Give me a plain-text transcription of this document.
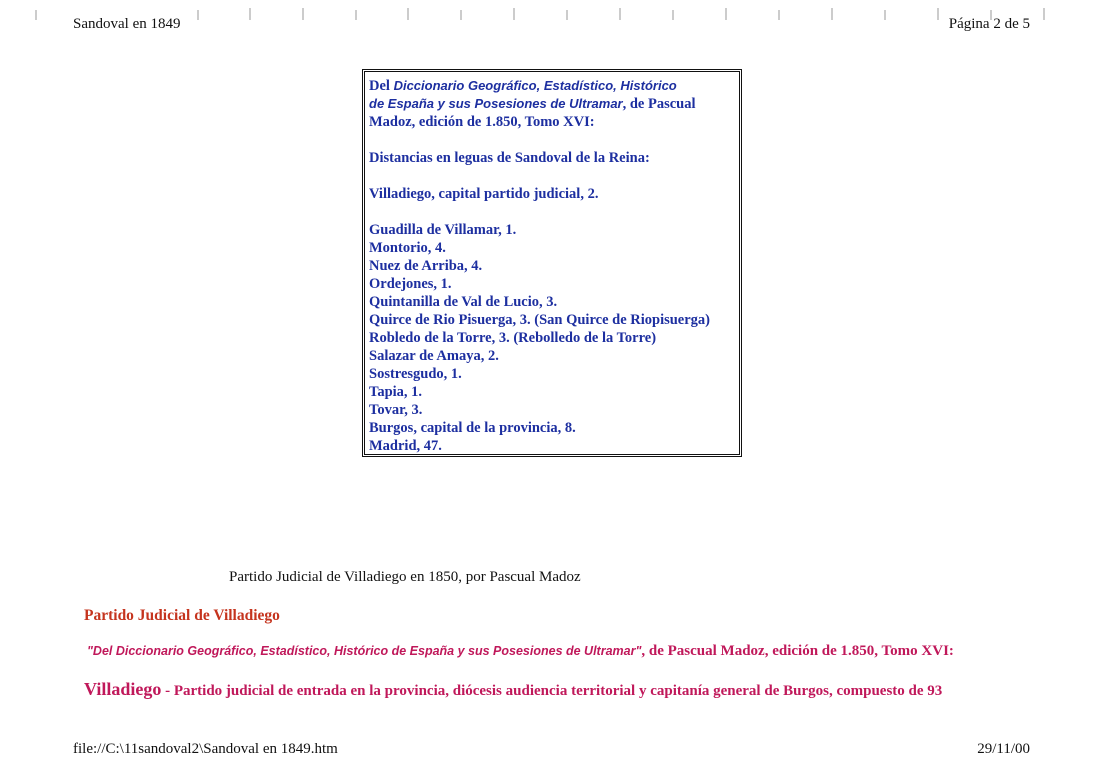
Sandoval en 1849	Página 2 de 5
Del Diccionario Geográfico, Estadístico, Histórico
de España y sus Posesiones de Ultramar, de Pascual
Madoz, edición de 1.850, Tomo XVI:
Distancias en leguas de Sandoval de la Reina:
Villadiego, capital partido judicial, 2.
Guadilla de Villamar, 1.
Montorio, 4.
Nuez de Arriba, 4.
Ordejones, 1.
Quintanilla de Val de Lucio, 3.
Quirce de Rio Pisuerga, 3. (San Quirce de Riopisuerga)
Robledo de la Torre, 3. (Rebolledo de la Torre)
Salazar de Amaya, 2.
Sostresgudo, 1.
Tapia, 1.
Tovar, 3.
Burgos, capital de la provincia, 8.
Madrid, 47.
Partido Judicial de Villadiego en 1850, por Pascual Madoz
Partido Judicial de Villadiego
"Del Diccionario Geográfico, Estadístico, Histórico de España y sus Posesiones de Ultramar", de Pascual Madoz, edición de 1.850, Tomo XVI:
Villadiego - Partido judicial de entrada en la provincia, diócesis audiencia territorial y capitanía general de Burgos, compuesto de 93
file://C:\11sandoval2\Sandoval en 1849.htm	29/11/00
